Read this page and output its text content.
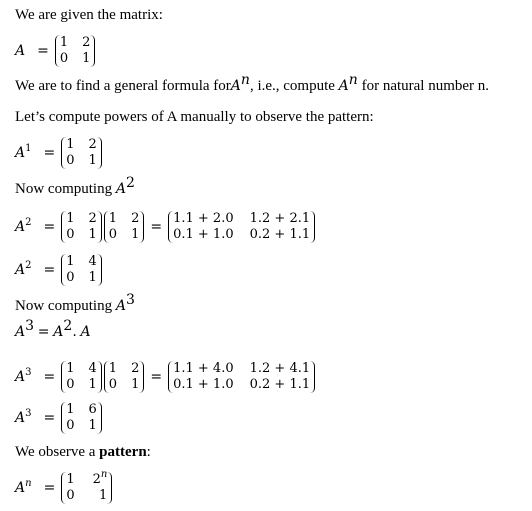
We are given the matrix:
A =
1 2
0 1
We are to find a general formula forA$^n$, i.e., compute $A^n$ for natural number n.
Let’s compute powers of A manually to observe the pattern:
$A^1$ =
1 2
0 1
Now computing $A^2$
$A^2$ =
1 2
0 1
1 2
0 1 =
1.1 + 2.0 1.2 + 2.1
0.1 + 1.0 0.2 + 1.1
$A^2$ =
1 4
0 1
Now computing $A^3$
$A^3 = A^2$. A
$A^3$ =
1 4
0 1
1 2
0 1 =
1.1 + 4.0 1.2 + 4.1
0.1 + 1.0 0.2 + 1.1
$A^3$ =
1 6
0 1
We observe a pattern:
$A^n$ =
1 2$^n$
0	1
